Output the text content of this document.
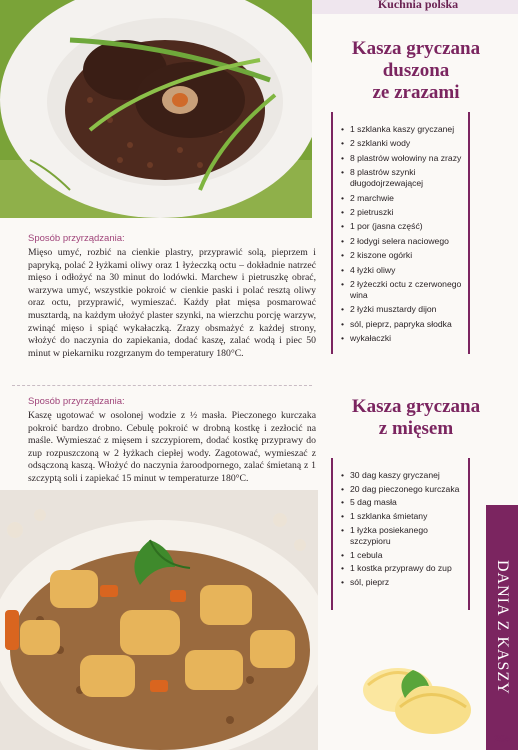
Kuchnia polska
Kasza gryczana
duszona
ze zrazami
• 1 szklanka kaszy gryczanej
• 2 szklanki wody
• 8 plastrów wołowiny na zrazy
• 8 plastrów szynki długodojrzewającej
• 2 marchwie
• 2 pietruszki
• 1 por (jasna część)
• 2 łodygi selera naciowego
• 2 kiszone ogórki
• 4 łyżki oliwy
• 2 łyżeczki octu z czerwonego wina
• 2 łyżki musztardy dijon
• sól, pieprz, papryka słodka
• wykałaczki
Sposób przyrządzania:
Mięso umyć, rozbić na cienkie plastry, przyprawić solą, pieprzem i papryką, polać 2 łyżkami oliwy oraz 1 łyżeczką octu – dokładnie natrzeć mięso i odłożyć na 30 minut do lodówki. Marchew i pietruszkę obrać, warzywa umyć, wszystkie pokroić w cienkie paski i polać resztą oliwy oraz octu, przyprawić, wymieszać. Każdy płat mięsa posmarować musztardą, na każdym ułożyć plaster szynki, na wierzchu porcję warzyw, zwinąć mięso i spiąć wykałaczką. Zrazy obsmażyć z każdej strony, włożyć do naczynia do zapiekania, dodać kaszę, zalać wodą i piec 50 minut w piekarniku rozgrzanym do temperatury 180°C.
Kasza gryczana
z mięsem
Sposób przyrządzania:
Kaszę ugotować w osolonej wodzie z ½ masła. Pieczonego kurczaka pokroić bardzo drobno. Cebulę pokroić w drobną kostkę i zezłocić na maśle. Wymieszać z mięsem i szczypiorem, dodać kostkę przyprawy do zup rozpuszczoną w 2 łyżkach ciepłej wody. Zagotować, wymieszać z odsączoną kaszą. Włożyć do naczynia żaroodpornego, zalać śmietaną z 1 szczyptą soli i zapiekać 15 minut w temperaturze 180°C.
•	30 dag kaszy gryczanej
• 20 dag pieczonego kurczaka
• 5 dag masła
• 1 szklanka śmietany
• 1 łyżka posiekanego szczypioru
• 1 cebula
• 1 kostka przyprawy do zup
• sól, pieprz	DANIA Z KASZY
295
